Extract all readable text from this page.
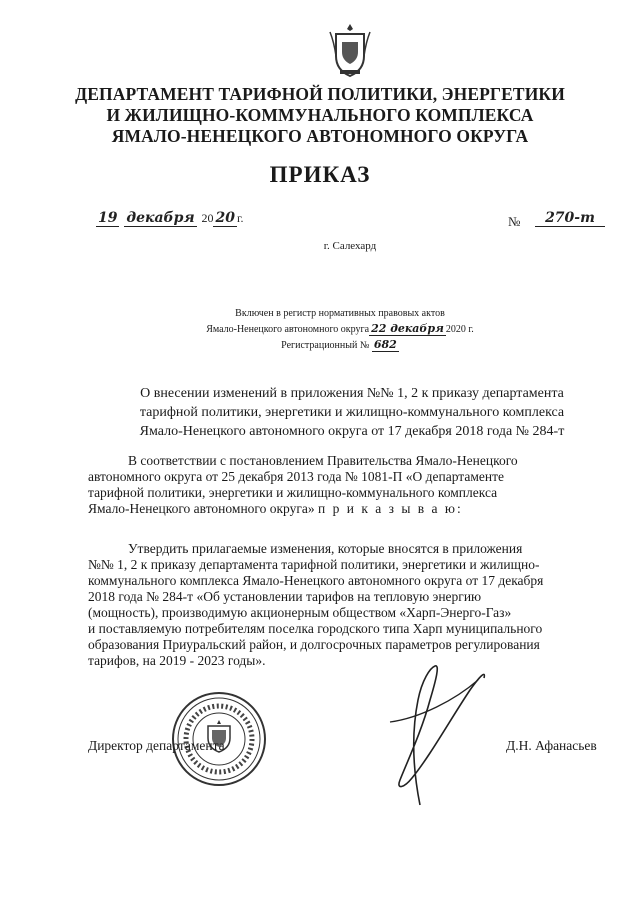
ДЕПАРТАМЕНТ ТАРИФНОЙ ПОЛИТИКИ, ЭНЕРГЕТИКИ
И ЖИЛИЩНО-КОММУНАЛЬНОГО КОМПЛЕКСА
ЯМАЛО-НЕНЕЦКОГО АВТОНОМНОГО ОКРУГА
ПРИКАЗ
19 декабря 20 20 г.	№	270-т
г. Салехард
Включен в регистр нормативных правовых актов
Ямало-Ненецкого автономного округа 22 декабря 2020 г.
Регистрационный № 682
О внесении изменений в приложения №№ 1, 2 к приказу департамента
тарифной политики, энергетики и жилищно-коммунального комплекса
Ямало-Ненецкого автономного округа от 17 декабря 2018 года № 284-т
В соответствии с постановлением Правительства Ямало-Ненецкого
автономного округа от 25 декабря 2013 года № 1081-П «О департаменте
тарифной политики, энергетики и жилищно-коммунального комплекса
Ямало-Ненецкого автономного округа» п р и к а з ы в а ю:
Утвердить прилагаемые изменения, которые вносятся в приложения
№№ 1, 2 к приказу департамента тарифной политики, энергетики и жилищно-
коммунального комплекса Ямало-Ненецкого автономного округа от 17 декабря
2018 года № 284-т «Об установлении тарифов на тепловую энергию
(мощность), производимую акционерным обществом «Харп-Энерго-Газ»
и поставляемую потребителям поселка городского типа Харп муниципального
образования Приуральский район, и долгосрочных параметров регулирования
тарифов, на 2019 - 2023 годы».
Директор департамента	Д.Н. Афанасьев
